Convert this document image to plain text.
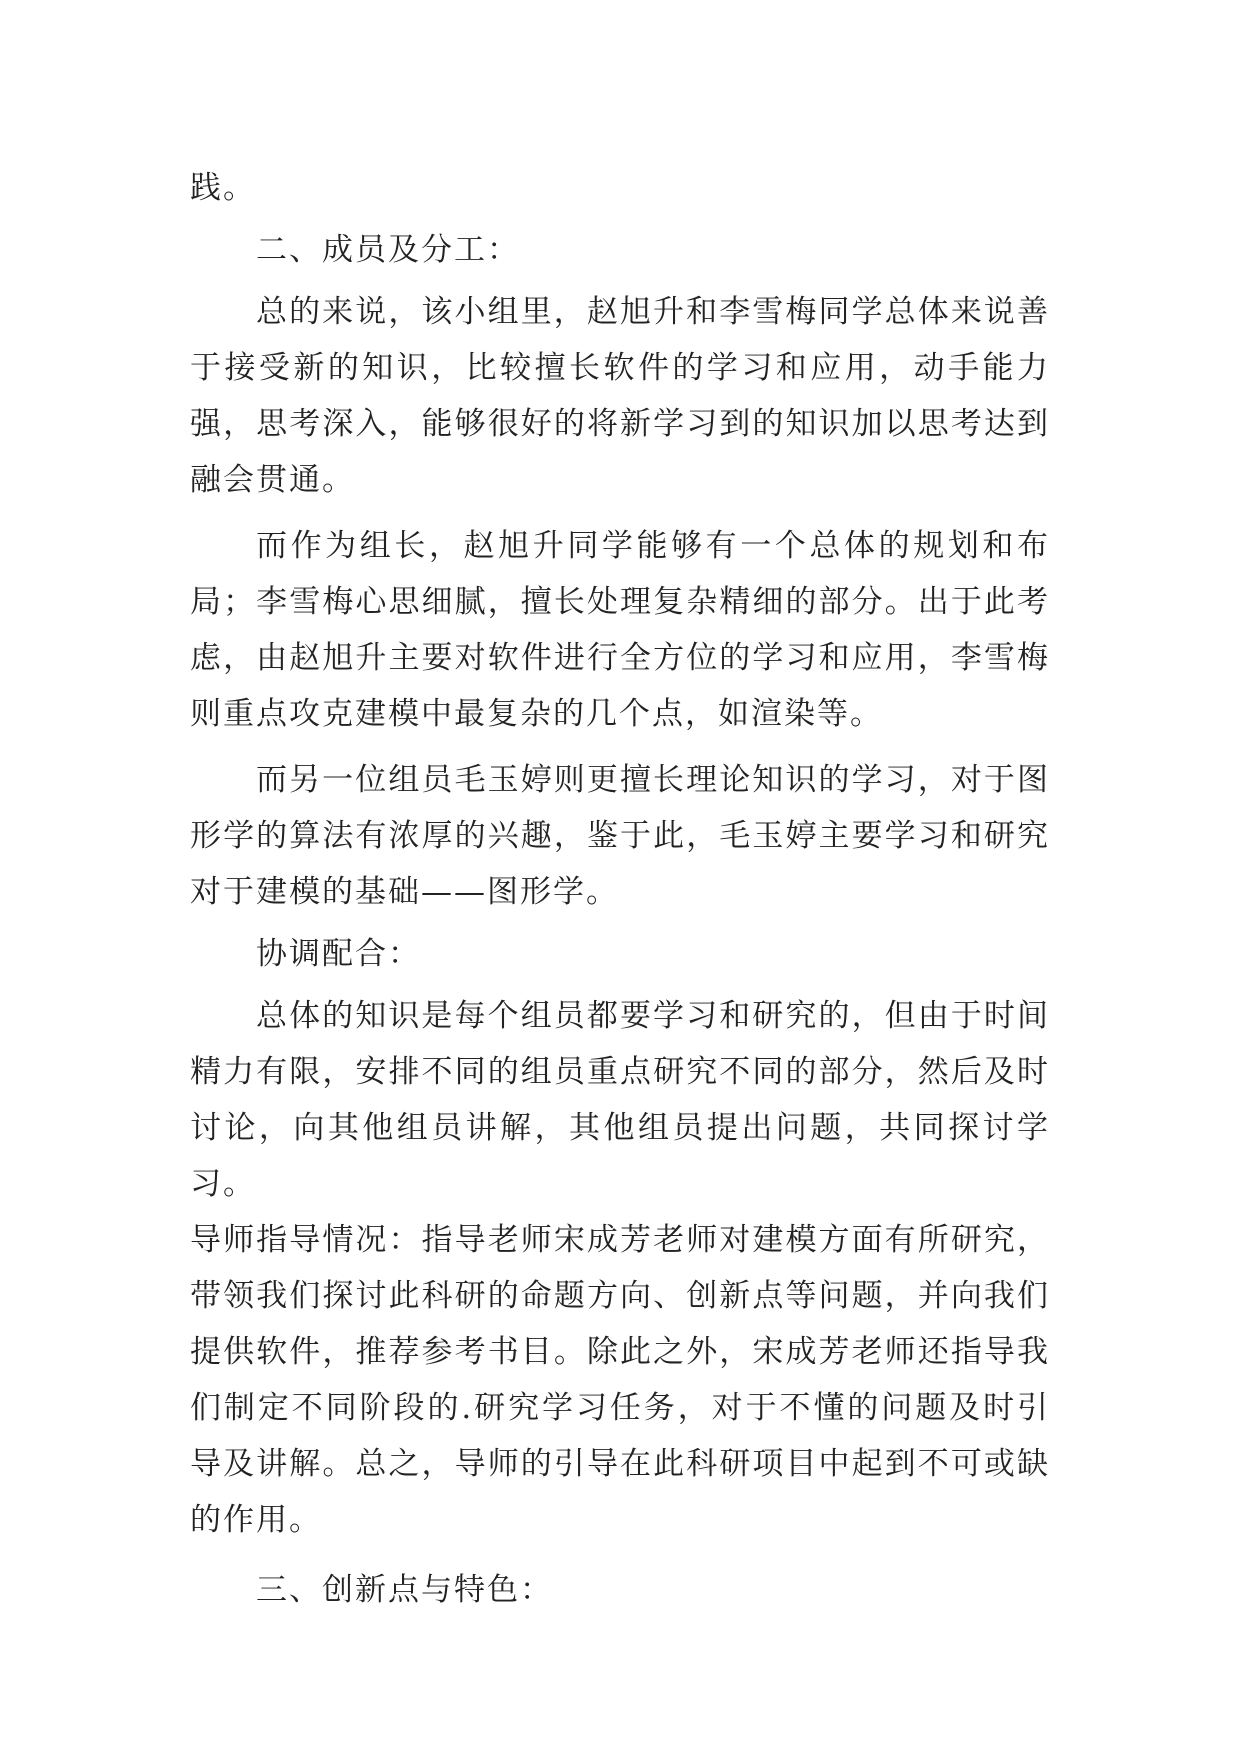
践。

二、成员及分工：

总的来说，该小组里，赵旭升和李雪梅同学总体来说善于接受新的知识，比较擅长软件的学习和应用，动手能力强，思考深入，能够很好的将新学习到的知识加以思考达到融会贯通。

而作为组长，赵旭升同学能够有一个总体的规划和布局；李雪梅心思细腻，擅长处理复杂精细的部分。出于此考虑，由赵旭升主要对软件进行全方位的学习和应用，李雪梅则重点攻克建模中最复杂的几个点，如渲染等。

而另一位组员毛玉婷则更擅长理论知识的学习，对于图形学的算法有浓厚的兴趣，鉴于此，毛玉婷主要学习和研究对于建模的基础——图形学。

协调配合：

总体的知识是每个组员都要学习和研究的，但由于时间精力有限，安排不同的组员重点研究不同的部分，然后及时讨论，向其他组员讲解，其他组员提出问题，共同探讨学习。

导师指导情况：指导老师宋成芳老师对建模方面有所研究，带领我们探讨此科研的命题方向、创新点等问题，并向我们提供软件，推荐参考书目。除此之外，宋成芳老师还指导我们制定不同阶段的.研究学习任务，对于不懂的问题及时引导及讲解。总之，导师的引导在此科研项目中起到不可或缺的作用。

三、创新点与特色：
